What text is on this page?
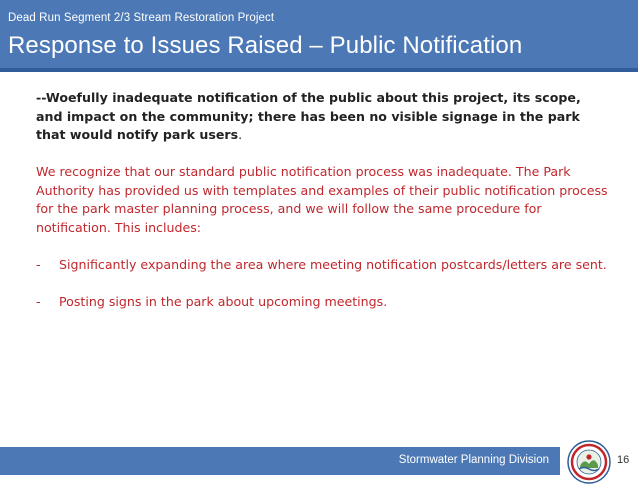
Dead Run Segment 2/3 Stream Restoration Project
Response to Issues Raised – Public Notification

--Woefully inadequate notification of the public about this project, its scope, and impact on the community; there has been no visible signage in the park that would notify park users.

We recognize that our standard public notification process was inadequate. The Park Authority has provided us with templates and examples of their public notification process for the park master planning process, and we will follow the same procedure for notification. This includes:

-	Significantly expanding the area where meeting notification postcards/letters are sent.
-	Posting signs in the park about upcoming meetings.
Stormwater Planning Division	16
